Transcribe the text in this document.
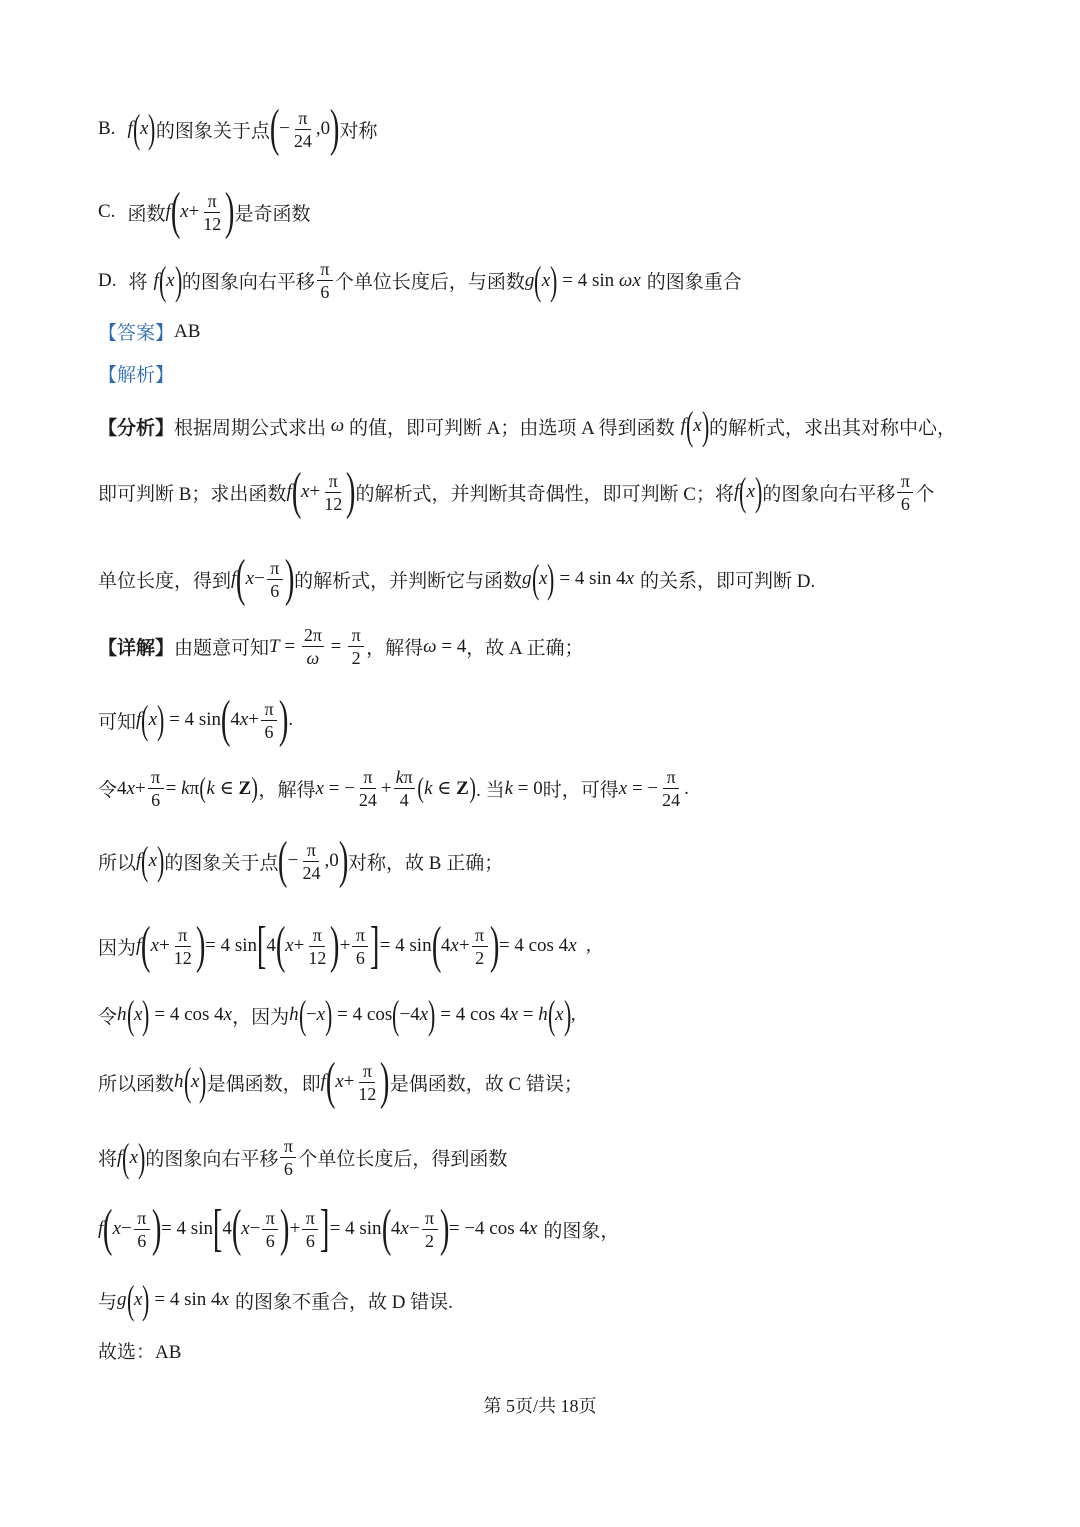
B. f ( x ) 的图象关于点 ( − $\frac{\pi}{24} ,0$ ) 对称
C. 函数 f ( $x + \frac{\pi}{12}$ ) 是奇函数
D. 将 f ( x ) 的图象向右平移 $\frac{\pi}{6}$ 个单位长度后，与函数 g ( x ) = 4 sin ωx 的图象重合
【答案】 AB
【解析】
【分析】 根据周期公式求出 ω 的值，即可判断 A；由选项 A 得到函数 f ( x ) 的解析式，求出其对称中心，
即可判断 B；求出函数 f ( $x + \frac{\pi}{12}$ ) 的解析式，并判断其奇偶性，即可判断 C；将 f ( x ) 的图象向右平移 $\frac{\pi}{6}$ 个
单位长度，得到 f ( $x - \frac{\pi}{6}$ ) 的解析式，并判断它与函数 g ( x ) = 4 sin 4 x 的关系，即可判断 D.
【详解】 由题意可知 $T = \frac{2\pi}{\omega} = \frac{\pi}{2}$ ，解得 ω = 4 ，故 A 正确；
可知 f ( x ) = 4 sin ( 4 $x + \frac{\pi}{6}$ ) .
令 4 $x + \frac{\pi}{6} = k$ π ( k ∈ Z ) ，解得 x = − $\frac{\pi}{24} + \frac{k\pi}{4}$ ( k ∈ Z ) . 当 k = 0 时，可得 x = − $\frac{\pi}{24}$ .
所以 f ( x ) 的图象关于点 ( − $\frac{\pi}{24} ,0$ ) 对称，故 B 正确；
因为 f ( $x + \frac{\pi}{12}$ ) = 4 sin [ 4 ( $x + \frac{\pi}{12}$ ) + $\frac{\pi}{6}$ ] = 4 sin ( 4 $x + \frac{\pi}{2}$ ) = 4 cos 4 x ,
令 h ( x ) = 4 cos 4 x ，因为 h ( − x ) = 4 cos ( −4 x ) = 4 cos 4 x = h ( x ) ,
所以函数 h ( x ) 是偶函数，即 f ( $x + \frac{\pi}{12}$ ) 是偶函数，故 C 错误；
将 f ( x ) 的图象向右平移 $\frac{\pi}{6}$ 个单位长度后，得到函数
f ( $x - \frac{\pi}{6}$ ) = 4 sin [ 4 ( $x - \frac{\pi}{6}$ ) + $\frac{\pi}{6}$ ] = 4 sin ( 4 $x - \frac{\pi}{2}$ ) = −4 cos 4 x 的图象，
与 g ( x ) = 4 sin 4 x 的图象不重合，故 D 错误.
故选：AB
第 5页/共 18页
